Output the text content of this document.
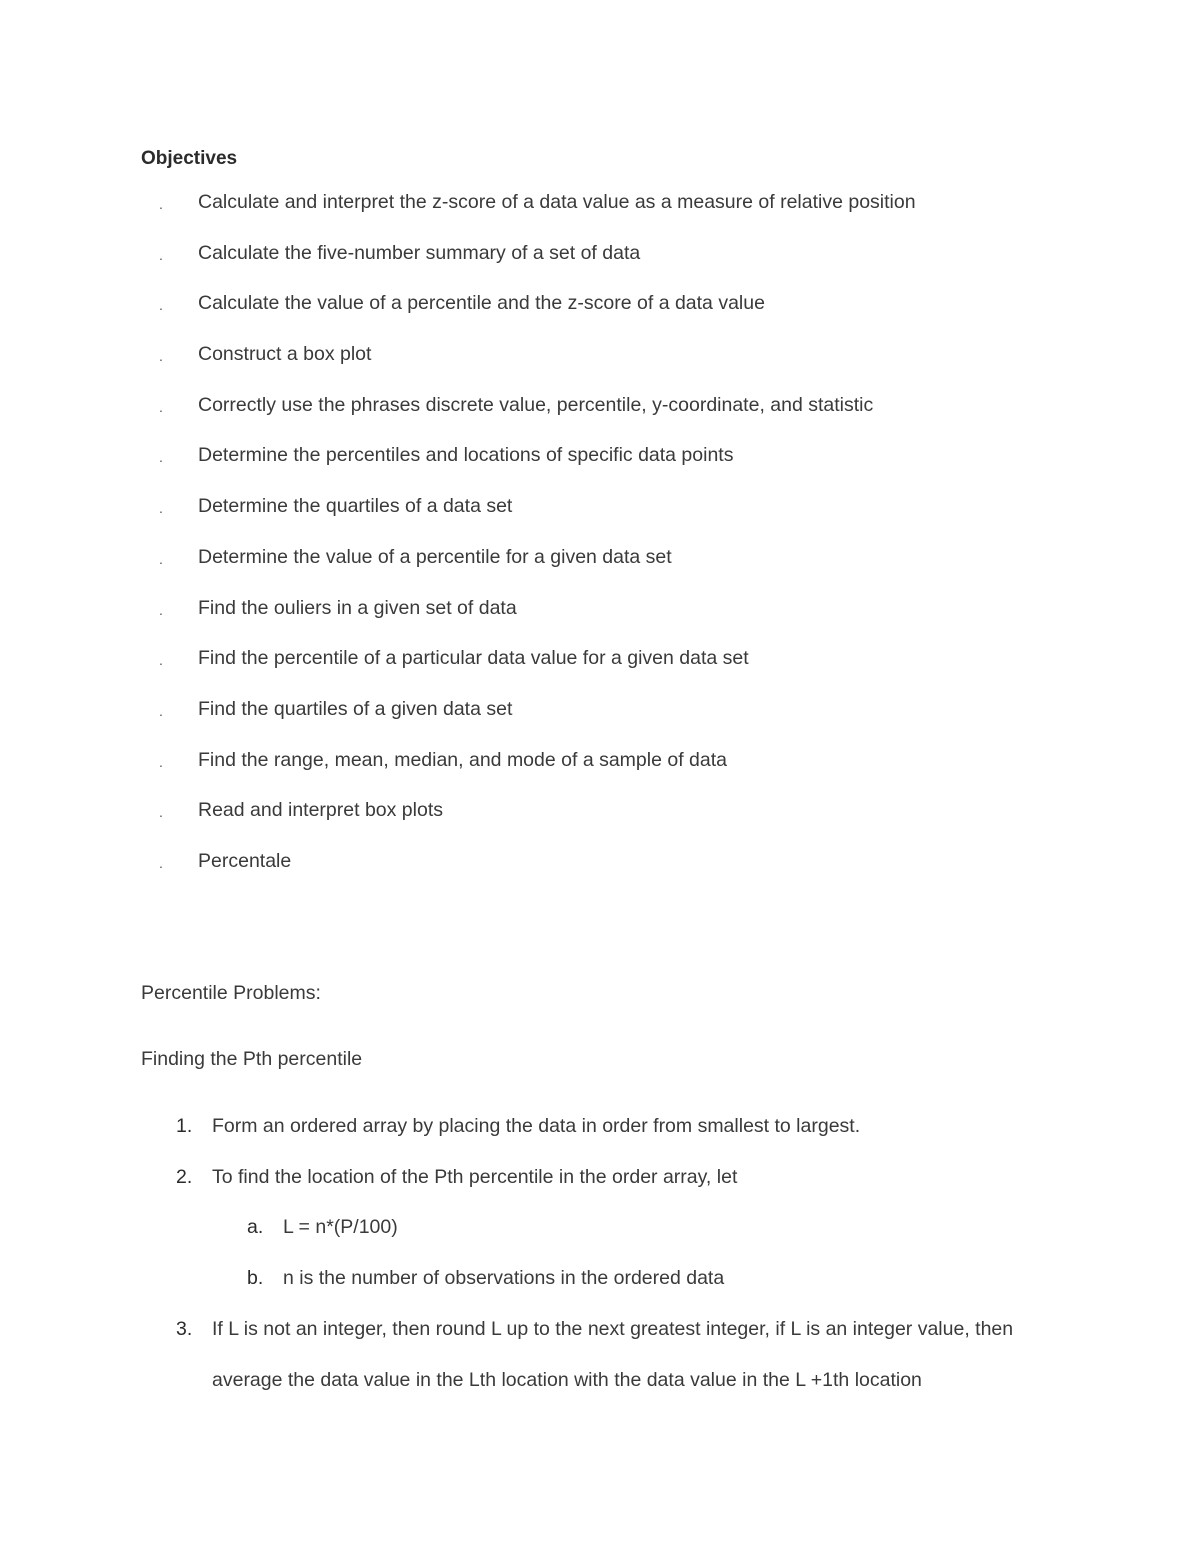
Objectives
. Calculate and interpret the z-score of a data value as a measure of relative position
. Calculate the five-number summary of a set of data
. Calculate the value of a percentile and the z-score of a data value
. Construct a box plot
. Correctly use the phrases discrete value, percentile, y-coordinate, and statistic
. Determine the percentiles and locations of specific data points
. Determine the quartiles of a data set
. Determine the value of a percentile for a given data set
. Find the ouliers in a given set of data
. Find the percentile of a particular data value for a given data set
. Find the quartiles of a given data set
. Find the range, mean, median, and mode of a sample of data
. Read and interpret box plots
. Percentale

Percentile Problems:

Finding the Pth percentile

1. Form an ordered array by placing the data in order from smallest to largest.
2. To find the location of the Pth percentile in the order array, let
a. L = n*(P/100)
b. n is the number of observations in the ordered data
3. If L is not an integer, then round L up to the next greatest integer, if L is an integer value, then
average the data value in the Lth location with the data value in the L +1th location
